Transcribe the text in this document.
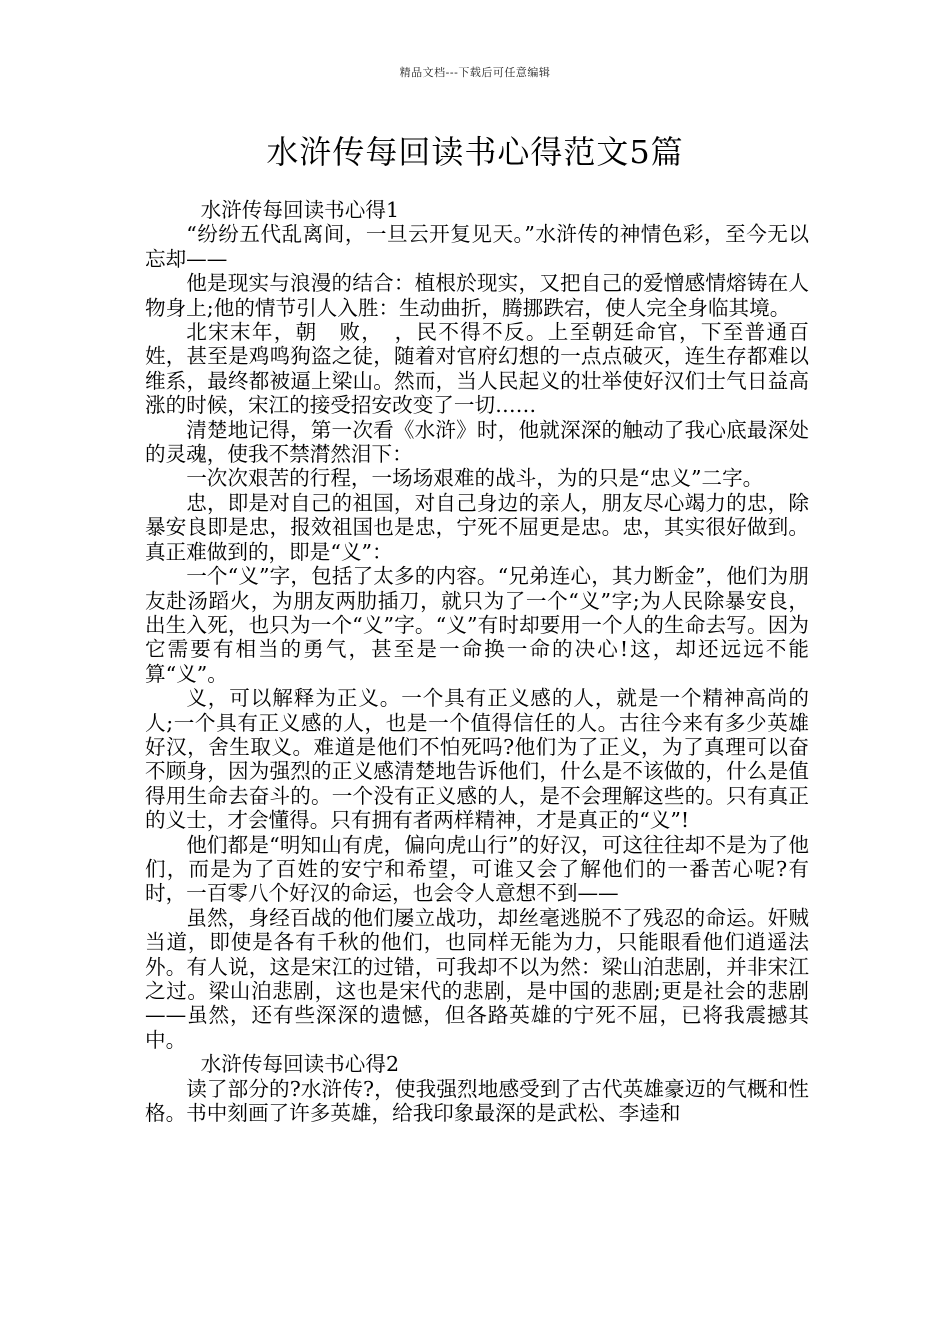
精品文档---下载后可任意编辑
水浒传每回读书心得范文5篇

水浒传每回读书心得1

“纷纷五代乱离间，一旦云开复见天。”水浒传的神情色彩，至今无以忘却——

他是现实与浪漫的结合：植根於现实，又把自己的爱憎感情熔铸在人物身上;他的情节引人入胜：生动曲折，腾挪跌宕，使人完全身临其境。

北宋末年，朝　败，　，民不得不反。上至朝廷命官，下至普通百姓，甚至是鸡鸣狗盗之徒，随着对官府幻想的一点点破灭，连生存都难以维系，最终都被逼上梁山。然而，当人民起义的壮举使好汉们士气日益高涨的时候，宋江的接受招安改变了一切……

清楚地记得，第一次看《水浒》时，他就深深的触动了我心底最深处的灵魂，使我不禁潸然泪下：

一次次艰苦的行程，一场场艰难的战斗，为的只是“忠义”二字。

忠，即是对自己的祖国，对自己身边的亲人，朋友尽心竭力的忠，除暴安良即是忠，报效祖国也是忠，宁死不屈更是忠。忠，其实很好做到。真正难做到的，即是“义”：

一个“义”字，包括了太多的内容。“兄弟连心，其力断金”，他们为朋友赴汤蹈火，为朋友两肋插刀，就只为了一个“义”字;为人民除暴安良，出生入死，也只为一个“义”字。“义”有时却要用一个人的生命去写。因为它需要有相当的勇气，甚至是一命换一命的决心!这，却还远远不能算“义”。

义，可以解释为正义。一个具有正义感的人，就是一个精神高尚的人;一个具有正义感的人，也是一个值得信任的人。古往今来有多少英雄好汉，舍生取义。难道是他们不怕死吗?他们为了正义，为了真理可以奋不顾身，因为强烈的正义感清楚地告诉他们，什么是不该做的，什么是值得用生命去奋斗的。一个没有正义感的人，是不会理解这些的。只有真正的义士，才会懂得。只有拥有者两样精神，才是真正的“义”!

他们都是“明知山有虎，偏向虎山行”的好汉，可这往往却不是为了他们，而是为了百姓的安宁和希望，可谁又会了解他们的一番苦心呢?有时，一百零八个好汉的命运，也会令人意想不到——

虽然，身经百战的他们屡立战功，却丝毫逃脱不了残忍的命运。奸贼当道，即使是各有千秋的他们，也同样无能为力，只能眼看他们逍遥法外。有人说，这是宋江的过错，可我却不以为然：梁山泊悲剧，并非宋江之过。梁山泊悲剧，这也是宋代的悲剧，是中国的悲剧;更是社会的悲剧——虽然，还有些深深的遗憾，但各路英雄的宁死不屈，已将我震撼其中。

水浒传每回读书心得2

读了部分的?水浒传?，使我强烈地感受到了古代英雄豪迈的气概和性格。书中刻画了许多英雄，给我印象最深的是武松、李逵和
